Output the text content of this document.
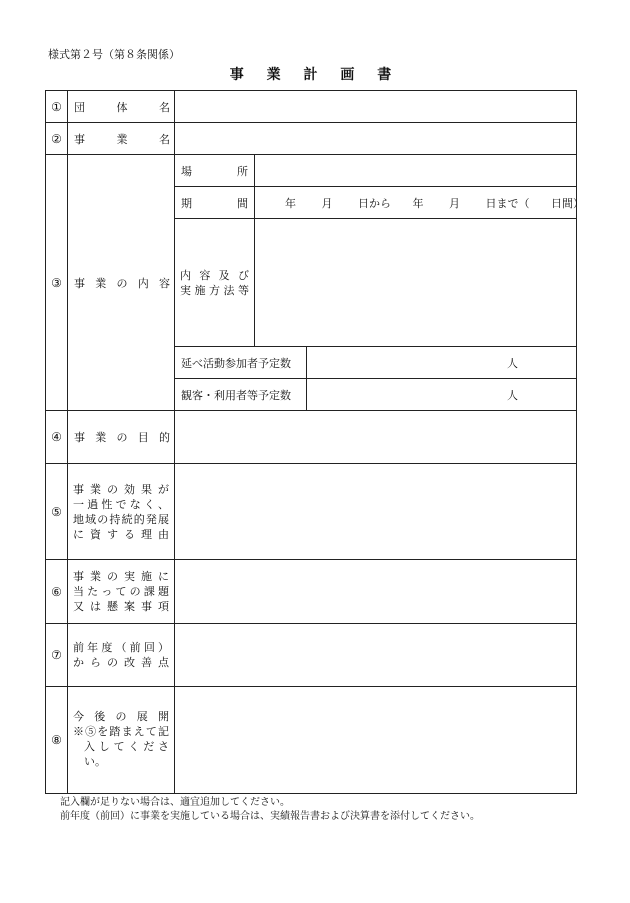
様式第２号（第８条関係）
事 業 計 画 書
①	団　　体　　名			
②	事　　業　　名			
③	事 業 の 内 容	場　　所		
		期　　間	年 月 日から 年 月 日まで（ 日間）	

		内容及び
実施方法等		

		延べ活動参加者予定数		人
		観客・利用者等予定数		人
④	事 業 の 目 的			
⑤	事業の効果が
一過性でなく、
地域の持続的発展
に 資 す る 理 由			

⑥	事業の実施に
当たっての課題
又は懸案事項			

⑦	前年度（前回）
からの改善点			

⑧	今 後 の 展 開
※⑤を踏まえて記
入してくださ
い。			

記入欄が足りない場合は、適宜追加してください。
前年度（前回）に事業を実施している場合は、実績報告書および決算書を添付してください。
